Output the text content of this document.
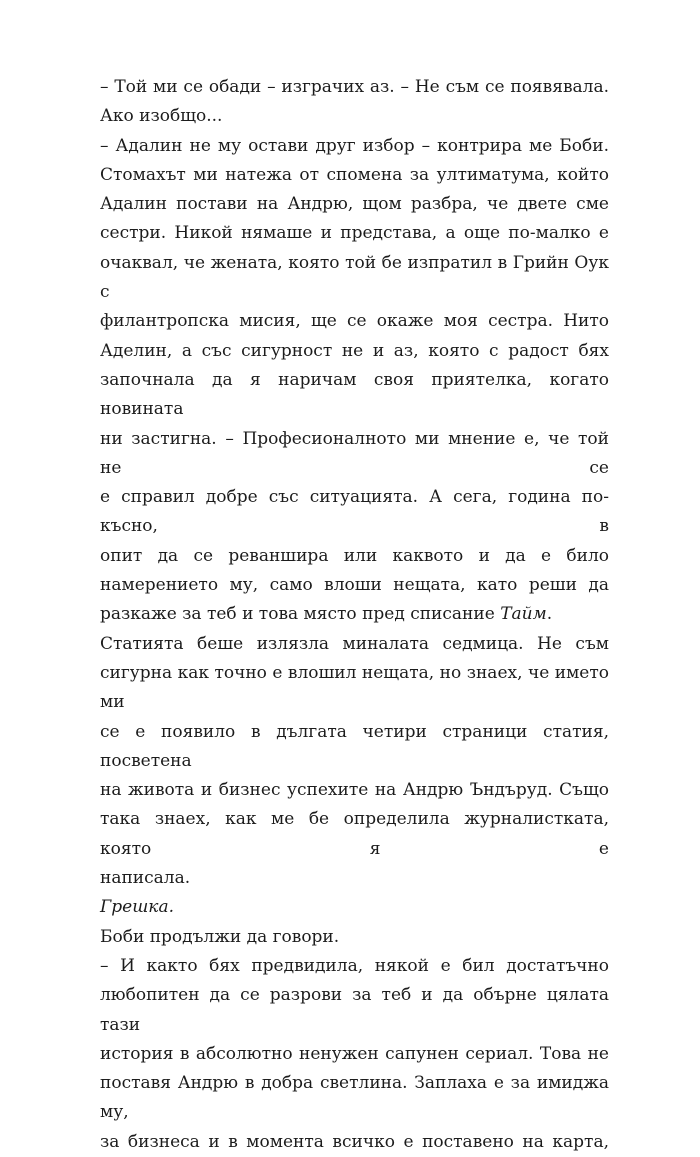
– Той ми се обади – изграчих аз. – Не съм се появявала.
Ако изобщо...
– Адалин не му остави друг избор – контрира ме Боби.
Стомахът ми натежа от спомена за ултиматума, който
Адалин постави на Андрю, щом разбра, че двете сме
сестри. Никой нямаше и представа, а още по-малко е
очаквал, че жената, която той бе изпратил в Грийн Оук с
филантропска мисия, ще се окаже моя сестра. Нито
Аделин, а със сигурност не и аз, която с радост бях
започнала да я наричам своя приятелка, когато новината
ни застигна. – Професионалното ми мнение е, че той не се
е справил добре със ситуацията. А сега, година по-късно, в
опит да се реваншира или каквото и да е било
намерението му, само влоши нещата, като реши да
разкаже за теб и това място пред списание Тайм.
Статията беше излязла миналата седмица. Не съм
сигурна как точно е влошил нещата, но знаех, че името ми
се е появило в дългата четири страници статия, посветена
на живота и бизнес успехите на Андрю Ъндъруд. Също
така знаех, как ме бе определила журналистката, която я е
написала.
Грешка.
Боби продължи да говори.
– И както бях предвидила, някой е бил достатъчно
любопитен да се разрови за теб и да обърне цялата тази
история в абсолютно ненужен сапунен сериал. Това не
поставя Андрю в добра светлина. Заплаха е за имиджа му,
за бизнеса и в момента всичко е поставено на карта,
